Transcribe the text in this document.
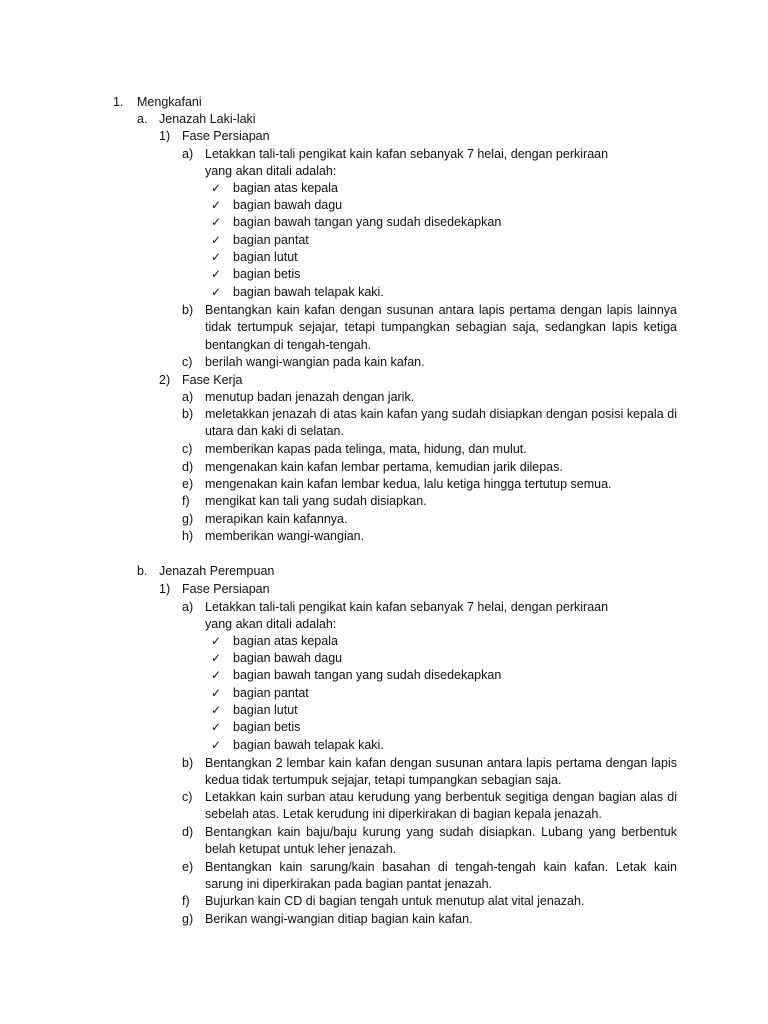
1. Mengkafani
a. Jenazah Laki-laki
1) Fase Persiapan
a) Letakkan tali-tali pengikat kain kafan sebanyak 7 helai, dengan perkiraan yang akan ditali adalah:
✓ bagian atas kepala
✓ bagian bawah dagu
✓ bagian bawah tangan yang sudah disedekapkan
✓ bagian pantat
✓ bagian lutut
✓ bagian betis
✓ bagian bawah telapak kaki.
b) Bentangkan kain kafan dengan susunan antara lapis pertama dengan lapis lainnya tidak tertumpuk sejajar, tetapi tumpangkan sebagian saja, sedangkan lapis ketiga bentangkan di tengah-tengah.
c) berilah wangi-wangian pada kain kafan.
2) Fase Kerja
a) menutup badan jenazah dengan jarik.
b) meletakkan jenazah di atas kain kafan yang sudah disiapkan dengan posisi kepala di utara dan kaki di selatan.
c) memberikan kapas pada telinga, mata, hidung, dan mulut.
d) mengenakan kain kafan lembar pertama, kemudian jarik dilepas.
e) mengenakan kain kafan lembar kedua, lalu ketiga hingga tertutup semua.
f) mengikat kan tali yang sudah disiapkan.
g) merapikan kain kafannya.
h) memberikan wangi-wangian.
b. Jenazah Perempuan
1) Fase Persiapan
a) Letakkan tali-tali pengikat kain kafan sebanyak 7 helai, dengan perkiraan yang akan ditali adalah:
✓ bagian atas kepala
✓ bagian bawah dagu
✓ bagian bawah tangan yang sudah disedekapkan
✓ bagian pantat
✓ bagian lutut
✓ bagian betis
✓ bagian bawah telapak kaki.
b) Bentangkan 2 lembar kain kafan dengan susunan antara lapis pertama dengan lapis kedua tidak tertumpuk sejajar, tetapi tumpangkan sebagian saja.
c) Letakkan kain surban atau kerudung yang berbentuk segitiga dengan bagian alas di sebelah atas. Letak kerudung ini diperkirakan di bagian kepala jenazah.
d) Bentangkan kain baju/baju kurung yang sudah disiapkan. Lubang yang berbentuk belah ketupat untuk leher jenazah.
e) Bentangkan kain sarung/kain basahan di tengah-tengah kain kafan. Letak kain sarung ini diperkirakan pada bagian pantat jenazah.
f) Bujurkan kain CD di bagian tengah untuk menutup alat vital jenazah.
g) Berikan wangi-wangian ditiap bagian kain kafan.
